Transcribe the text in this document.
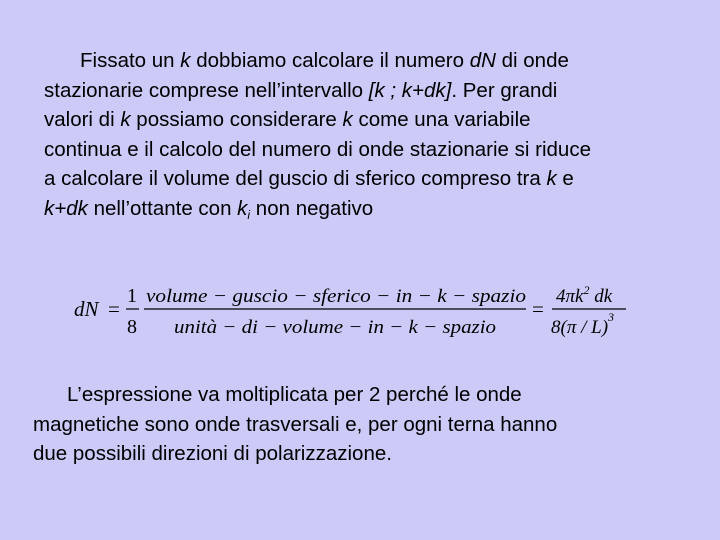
Fissato un k dobbiamo calcolare il numero dN di onde
stazionarie comprese nell’intervallo [k ; k+dk]. Per grandi
valori di k possiamo considerare k come una variabile
continua e il calcolo del numero di onde stazionarie si riduce
a calcolare il volume del guscio di sferico compreso tra k e
k+dk nell’ottante con $k_i$ non negativo
dN =
1
8
volume − guscio − sferico − in − k − spazio
unità − di − volume − in − k − spazio
=
$4\pi k^2$ dk
8(π / L)$^3$
L’espressione va moltiplicata per 2 perché le onde
magnetiche sono onde trasversali e, per ogni terna hanno
due possibili direzioni di polarizzazione.
